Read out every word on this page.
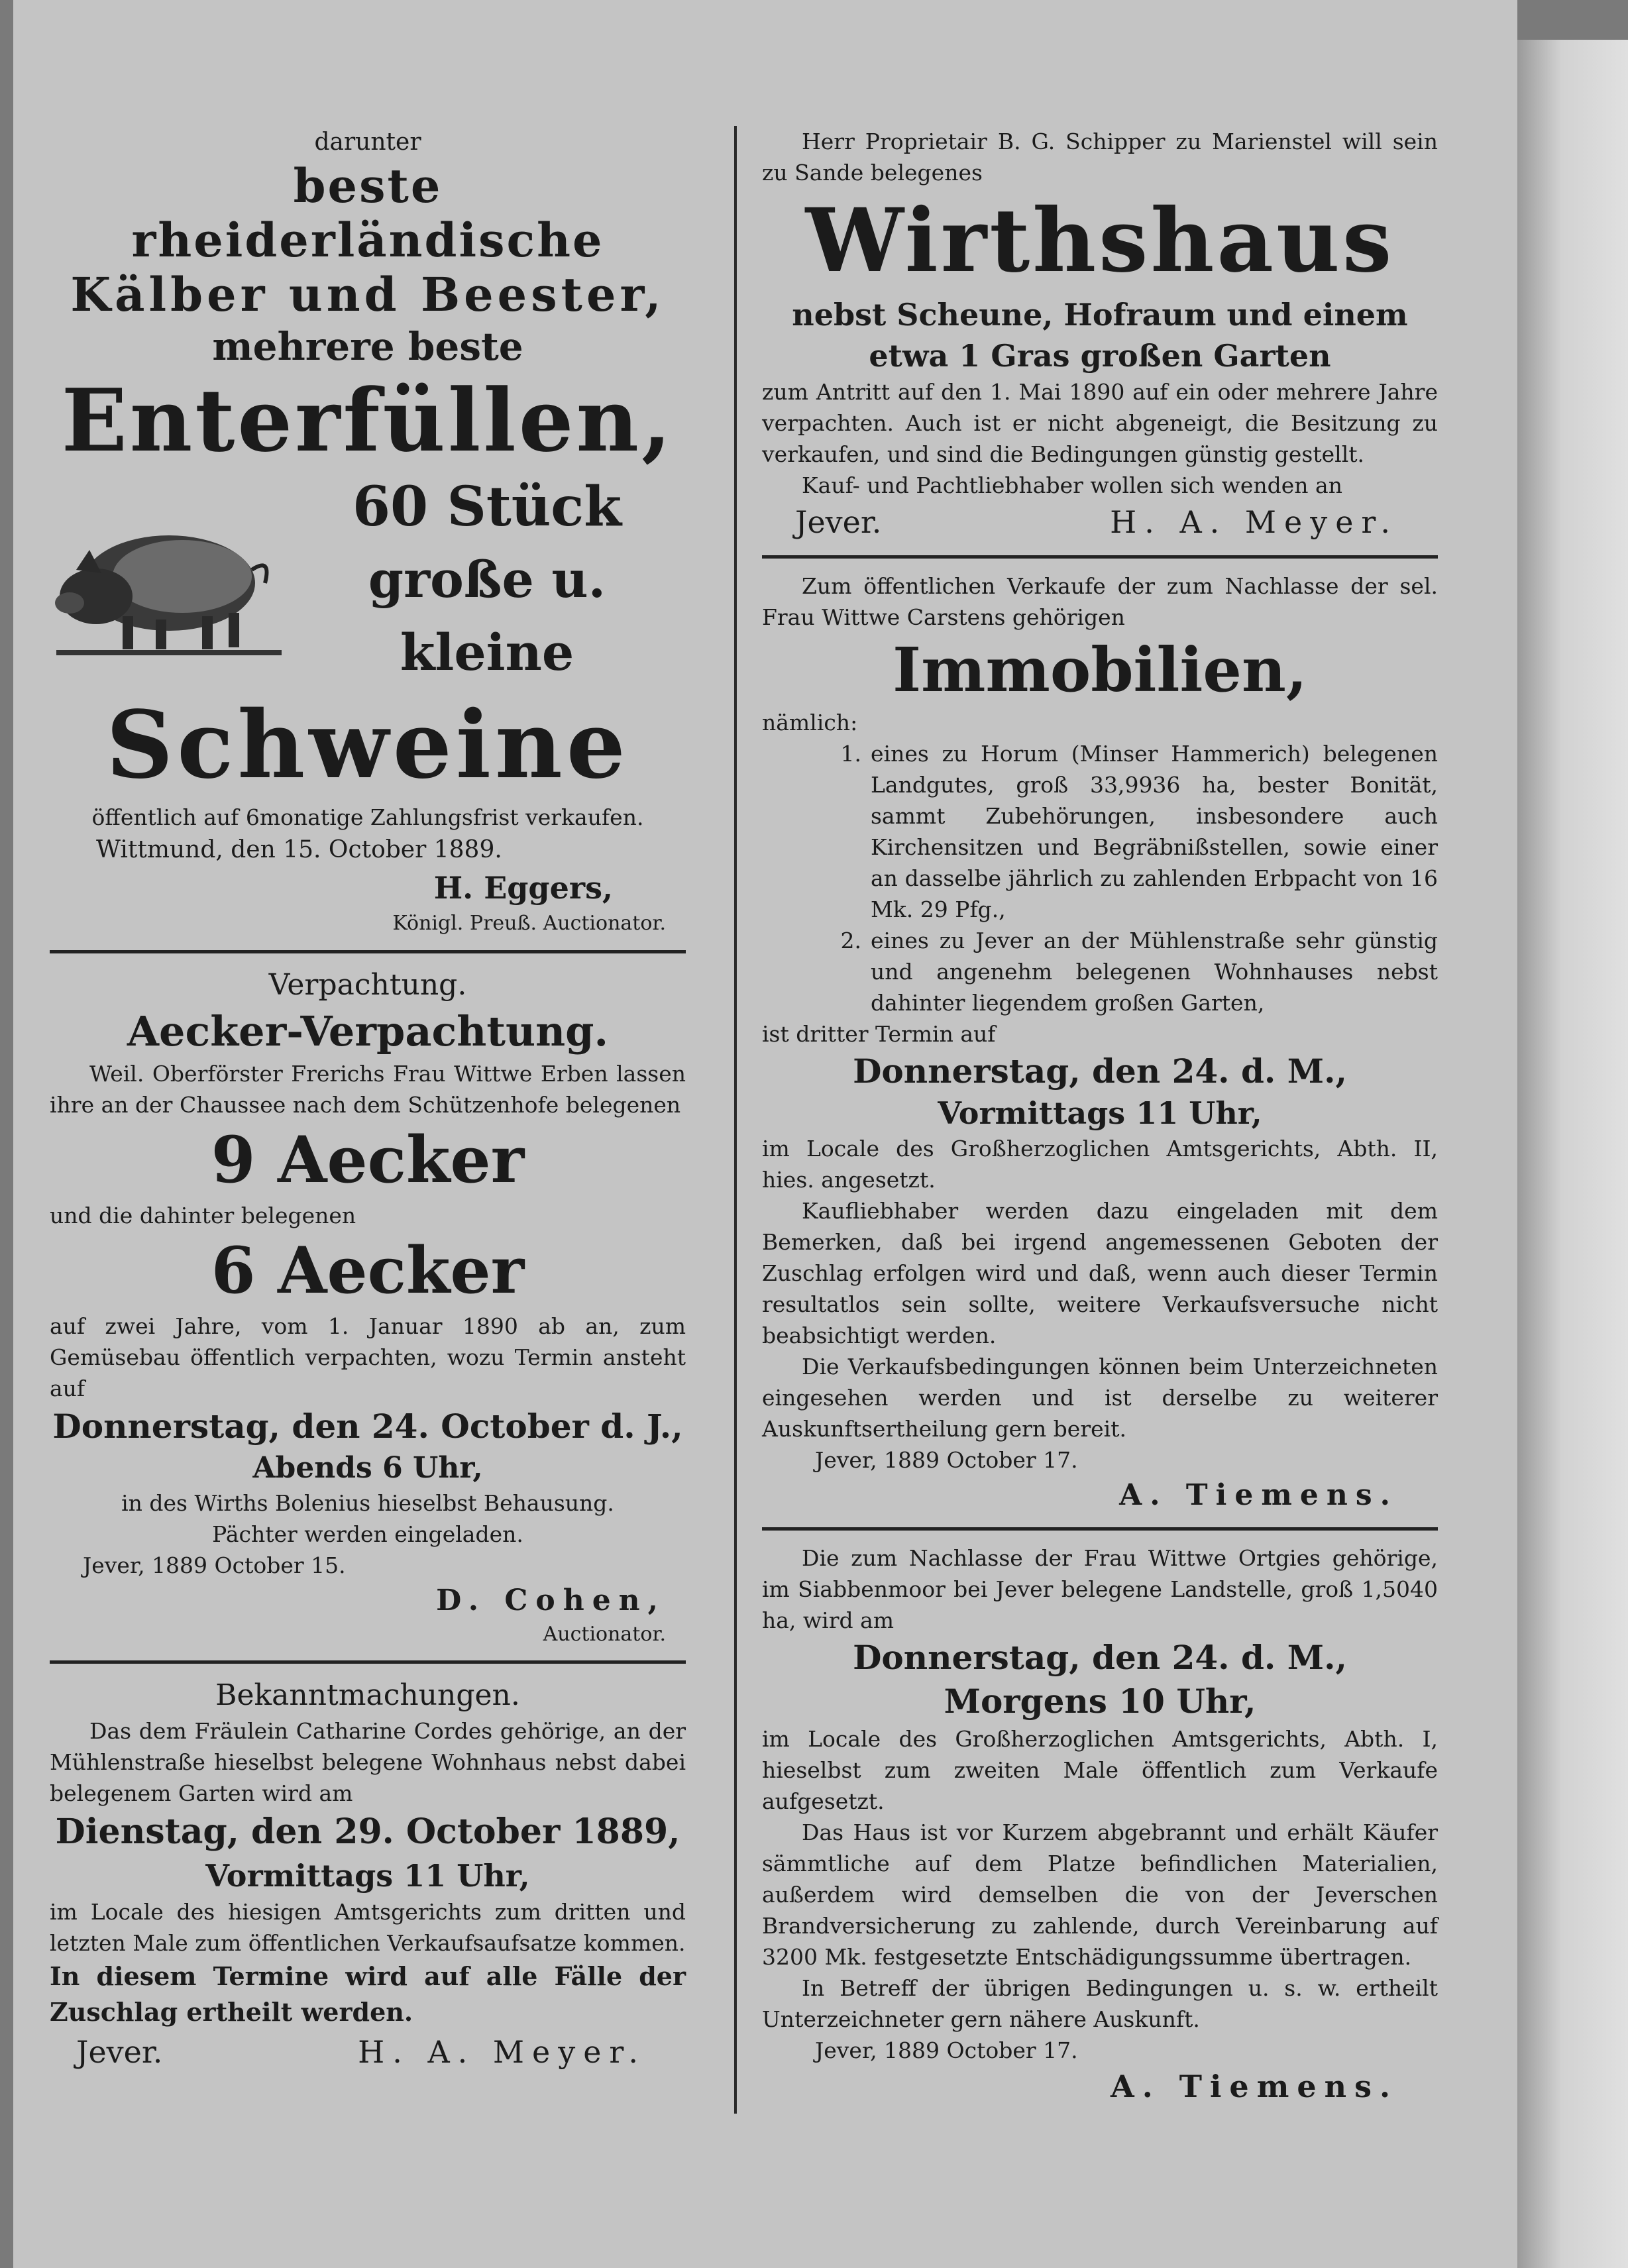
darunter

beste rheiderländische

Kälber und Beester,

mehrere beste

Enterfüllen,

60 Stück

große u. kleine

Schweine

öffentlich auf 6monatige Zahlungsfrist verkaufen.

Wittmund, den 15. October 1889.

H. Eggers,

Königl. Preuß. Auctionator.

Verpachtung.

Aecker-Verpachtung.

Weil. Oberförster Frerichs Frau Wittwe Erben lassen ihre an der Chaussee nach dem Schützenhofe belegenen

9 Aecker

und die dahinter belegenen

6 Aecker

auf zwei Jahre, vom 1. Januar 1890 ab an, zum Gemüsebau öffentlich verpachten, wozu Termin ansteht auf

Donnerstag, den 24. October d. J.,

Abends 6 Uhr,

in des Wirths Bolenius hieselbst Behausung.

Pächter werden eingeladen.

Jever, 1889 October 15.

D. Cohen,

Auctionator.

Bekanntmachungen.

Das dem Fräulein Catharine Cordes gehörige, an der Mühlenstraße hieselbst belegene Wohnhaus nebst dabei belegenem Garten wird am

Dienstag, den 29. October 1889,

Vormittags 11 Uhr,

im Locale des hiesigen Amtsgerichts zum dritten und letzten Male zum öffentlichen Verkaufsaufsatze kommen.

In diesem Termine wird auf alle Fälle der Zuschlag ertheilt werden.

Jever.	H. A. Meyer.

Herr Proprietair B. G. Schipper zu Marienstel will sein zu Sande belegenes

Wirthshaus

nebst Scheune, Hofraum und einem

etwa 1 Gras großen Garten

zum Antritt auf den 1. Mai 1890 auf ein oder mehrere Jahre verpachten. Auch ist er nicht abgeneigt, die Besitzung zu verkaufen, und sind die Bedingungen günstig gestellt.

Kauf- und Pachtliebhaber wollen sich wenden an

Jever.	H. A. Meyer.

Zum öffentlichen Verkaufe der zum Nachlasse der sel. Frau Wittwe Carstens gehörigen

Immobilien,

nämlich:

1. eines zu Horum (Minser Hammerich) belegenen Landgutes, groß 33,9936 ha, bester Bonität, sammt Zubehörungen, insbesondere auch Kirchensitzen und Begräbnißstellen, sowie einer an dasselbe jährlich zu zahlenden Erbpacht von 16 Mk. 29 Pfg.,
2. eines zu Jever an der Mühlenstraße sehr günstig und angenehm belegenen Wohnhauses nebst dahinter liegendem großen Garten,

ist dritter Termin auf

Donnerstag, den 24. d. M.,

Vormittags 11 Uhr,

im Locale des Großherzoglichen Amtsgerichts, Abth. II, hies. angesetzt.

Kaufliebhaber werden dazu eingeladen mit dem Bemerken, daß bei irgend angemessenen Geboten der Zuschlag erfolgen wird und daß, wenn auch dieser Termin resultatlos sein sollte, weitere Verkaufsversuche nicht beabsichtigt werden.

Die Verkaufsbedingungen können beim Unterzeichneten eingesehen werden und ist derselbe zu weiterer Auskunftsertheilung gern bereit.

Jever, 1889 October 17.

A. Tiemens.

Die zum Nachlasse der Frau Wittwe Ortgies gehörige, im Siabbenmoor bei Jever belegene Landstelle, groß 1,5040 ha, wird am

Donnerstag, den 24. d. M.,

Morgens 10 Uhr,

im Locale des Großherzoglichen Amtsgerichts, Abth. I, hieselbst zum zweiten Male öffentlich zum Verkaufe aufgesetzt.

Das Haus ist vor Kurzem abgebrannt und erhält Käufer sämmtliche auf dem Platze befindlichen Materialien, außerdem wird demselben die von der Jeverschen Brandversicherung zu zahlende, durch Vereinbarung auf 3200 Mk. festgesetzte Entschädigungssumme übertragen.

In Betreff der übrigen Bedingungen u. s. w. ertheilt Unterzeichneter gern nähere Auskunft.

Jever, 1889 October 17.

A. Tiemens.
